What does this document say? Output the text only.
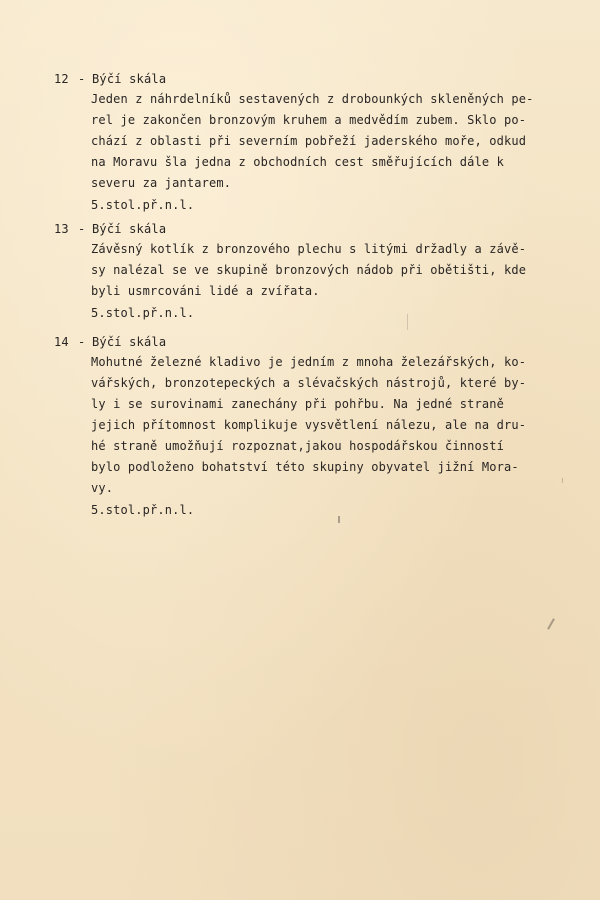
12 - Býčí skála
Jeden z náhrdelníků sestavených z drobounkých skleněných pe-
rel je zakončen bronzovým kruhem a medvědím zubem. Sklo po-
chází z oblasti při severním pobřeží jaderského moře, odkud
na Moravu šla jedna z obchodních cest směřujících dále k
severu za jantarem.
5.stol.př.n.l.
13 - Býčí skála
Závěsný kotlík z bronzového plechu s litými držadly a závě-
sy nalézal se ve skupině bronzových nádob při obětišti, kde
byli usmrcováni lidé a zvířata.
5.stol.př.n.l.
14 - Býčí skála
Mohutné železné kladivo je jedním z mnoha železářských, ko-
vářských, bronzotepeckých a slévačských nástrojů, které by-
ly i se surovinami zanechány při pohřbu. Na jedné straně
jejich přítomnost komplikuje vysvětlení nálezu, ale na dru-
hé straně umožňují rozpoznat,jakou hospodářskou činností
bylo podloženo bohatství této skupiny obyvatel jižní Mora-
vy.
5.stol.př.n.l.
